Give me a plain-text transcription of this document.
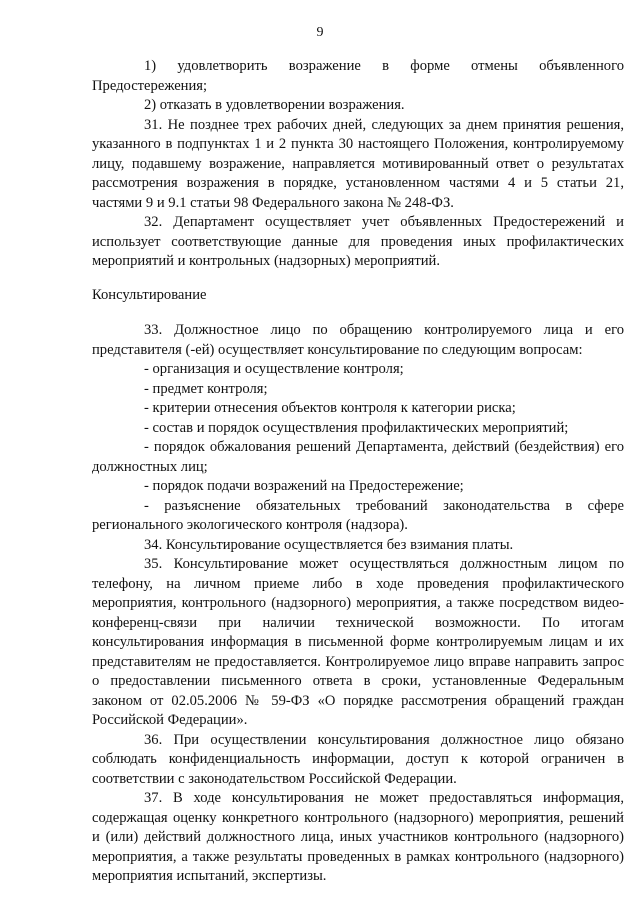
9

1) удовлетворить возражение в форме отмены объявленного Предостережения;

2) отказать в удовлетворении возражения.

31. Не позднее трех рабочих дней, следующих за днем принятия решения, указанного в подпунктах 1 и 2 пункта 30 настоящего Положения, контролируемому лицу, подавшему возражение, направляется мотивированный ответ о результатах рассмотрения возражения в порядке, установленном частями 4 и 5 статьи 21, частями 9 и 9.1 статьи 98 Федерального закона № 248-ФЗ.

32. Департамент осуществляет учет объявленных Предостережений и использует соответствующие данные для проведения иных профилактических мероприятий и контрольных (надзорных) мероприятий.

Консультирование

33. Должностное лицо по обращению контролируемого лица и его представителя (-ей) осуществляет консультирование по следующим вопросам:

- организация и осуществление контроля;

- предмет контроля;

- критерии отнесения объектов контроля к категории риска;

- состав и порядок осуществления профилактических мероприятий;

- порядок обжалования решений Департамента, действий (бездействия) его должностных лиц;

- порядок подачи возражений на Предостережение;

- разъяснение обязательных требований законодательства в сфере регионального экологического контроля (надзора).

34. Консультирование осуществляется без взимания платы.

35. Консультирование может осуществляться должностным лицом по телефону, на личном приеме либо в ходе проведения профилактического мероприятия, контрольного (надзорного) мероприятия, а также посредством видео-конференц-связи при наличии технической возможности. По итогам консультирования информация в письменной форме контролируемым лицам и их представителям не предоставляется. Контролируемое лицо вправе направить запрос о предоставлении письменного ответа в сроки, установленные Федеральным законом от 02.05.2006 № 59-ФЗ «О порядке рассмотрения обращений граждан Российской Федерации».

36. При осуществлении консультирования должностное лицо обязано соблюдать конфиденциальность информации, доступ к которой ограничен в соответствии с законодательством Российской Федерации.

37. В ходе консультирования не может предоставляться информация, содержащая оценку конкретного контрольного (надзорного) мероприятия, решений и (или) действий должностного лица, иных участников контрольного (надзорного) мероприятия, а также результаты проведенных в рамках контрольного (надзорного) мероприятия испытаний, экспертизы.
